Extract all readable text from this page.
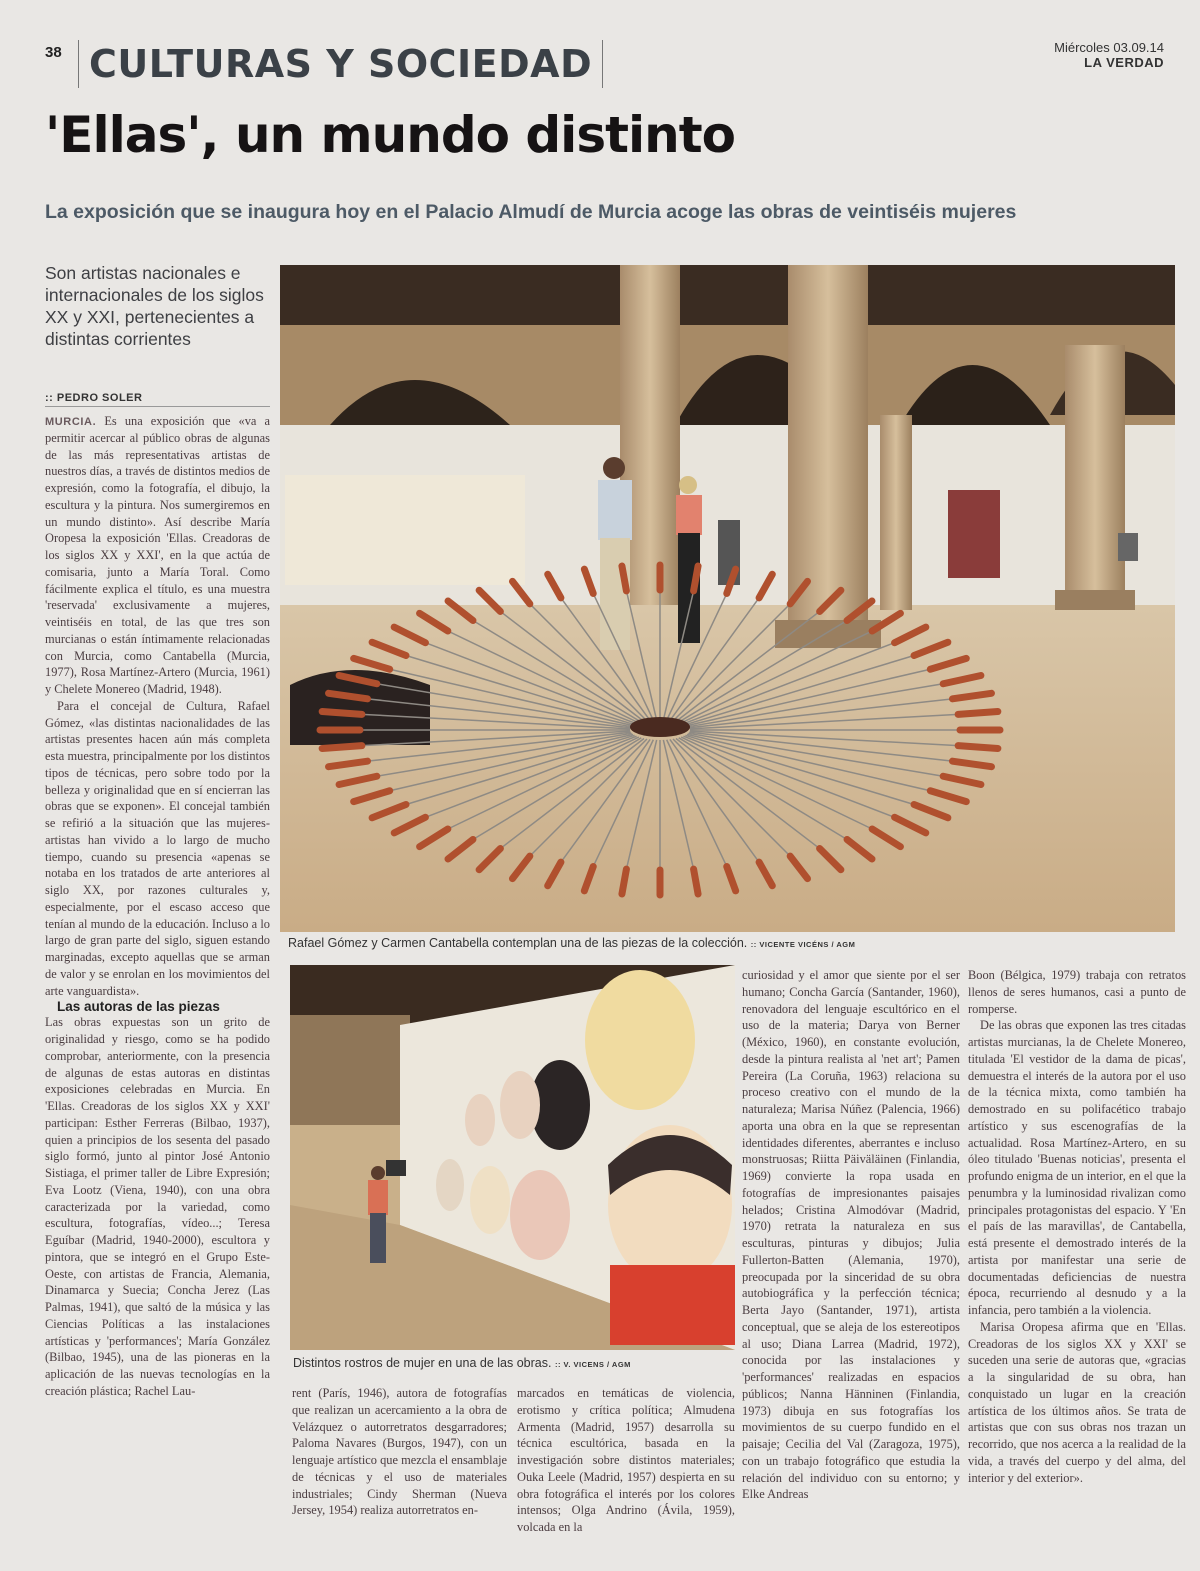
38 CULTURAS Y SOCIEDAD	Miércoles 03.09.14
LA VERDAD
'Ellas', un mundo distinto
La exposición que se inaugura hoy en el Palacio Almudí de Murcia acoge las obras de veintiséis mujeres
Son artistas nacionales e internacionales de los siglos XX y XXI, pertenecientes a distintas corrientes
:: PEDRO SOLER

MURCIA. Es una exposición que «va a permitir acercar al público obras de algunas de las más representativas artistas de nuestros días, a través de distintos medios de expresión, como la fotografía, el dibujo, la escultura y la pintura. Nos sumergiremos en un mundo distinto». Así describe María Oropesa la exposición 'Ellas. Creadoras de los siglos XX y XXI', en la que actúa de comisaria, junto a María Toral. Como fácilmente explica el título, es una muestra 'reservada' exclusivamente a mujeres, veintiséis en total, de las que tres son murcianas o están íntimamente relacionadas con Murcia, como Cantabella (Murcia, 1977), Rosa Martínez-Artero (Murcia, 1961) y Chelete Monereo (Madrid, 1948).

Para el concejal de Cultura, Rafael Gómez, «las distintas nacionalidades de las artistas presentes hacen aún más completa esta muestra, principalmente por los distintos tipos de técnicas, pero sobre todo por la belleza y originalidad que en sí encierran las obras que se exponen». El concejal también se refirió a la situación que las mujeres-artistas han vivido a lo largo de mucho tiempo, cuando su presencia «apenas se notaba en los tratados de arte anteriores al siglo XX, por razones culturales y, especialmente, por el escaso acceso que tenían al mundo de la educación. Incluso a lo largo de gran parte del siglo, siguen estando marginadas, excepto aquellas que se arman de valor y se enrolan en los movimientos del arte vanguardista».

Las autoras de las piezas

Las obras expuestas son un grito de originalidad y riesgo, como se ha podido comprobar, anteriormente, con la presencia de algunas de estas autoras en distintas exposiciones celebradas en Murcia. En 'Ellas. Creadoras de los siglos XX y XXI' participan: Esther Ferreras (Bilbao, 1937), quien a principios de los sesenta del pasado siglo formó, junto al pintor José Antonio Sistiaga, el primer taller de Libre Expresión; Eva Lootz (Viena, 1940), con una obra caracterizada por la variedad, como escultura, fotografías, vídeo...; Teresa Eguíbar (Madrid, 1940-2000), escultora y pintora, que se integró en el Grupo Este-Oeste, con artistas de Francia, Alemania, Dinamarca y Suecia; Concha Jerez (Las Palmas, 1941), que saltó de la música y las Ciencias Políticas a las instalaciones artísticas y 'performances'; María González (Bilbao, 1945), una de las pioneras en la aplicación de las nuevas tecnologías en la creación plástica; Rachel Lau-

Rafael Gómez y Carmen Cantabella contemplan una de las piezas de la colección. :: VICENTE VICÉNS / AGM
Distintos rostros de mujer en una de las obras. :: V. VICENS / AGM

rent (París, 1946), autora de fotografías que realizan un acercamiento a la obra de Velázquez o autorretratos desgarradores; Paloma Navares (Burgos, 1947), con un lenguaje artístico que mezcla el ensamblaje de técnicas y el uso de materiales industriales; Cindy Sherman (Nueva Jersey, 1954) realiza autorretratos en-

marcados en temáticas de violencia, erotismo y crítica política; Almudena Armenta (Madrid, 1957) desarrolla su técnica escultórica, basada en la investigación sobre distintos materiales; Ouka Leele (Madrid, 1957) despierta en su obra fotográfica el interés por los colores intensos; Olga Andrino (Ávila, 1959), volcada en la

curiosidad y el amor que siente por el ser humano; Concha García (Santander, 1960), renovadora del lenguaje escultórico en el uso de la materia; Darya von Berner (México, 1960), en constante evolución, desde la pintura realista al 'net art'; Pamen Pereira (La Coruña, 1963) relaciona su proceso creativo con el mundo de la naturaleza; Marisa Núñez (Palencia, 1966) aporta una obra en la que se representan identidades diferentes, aberrantes e incluso monstruosas; Riitta Päiväläinen (Finlandia, 1969) convierte la ropa usada en fotografías de impresionantes paisajes helados; Cristina Almodóvar (Madrid, 1970) retrata la naturaleza en sus esculturas, pinturas y dibujos; Julia Fullerton-Batten (Alemania, 1970), preocupada por la sinceridad de su obra autobiográfica y la perfección técnica; Berta Jayo (Santander, 1971), artista conceptual, que se aleja de los estereotipos al uso; Diana Larrea (Madrid, 1972), conocida por las instalaciones y 'performances' realizadas en espacios públicos; Nanna Hänninen (Finlandia, 1973) dibuja en sus fotografías los movimientos de su cuerpo fundido en el paisaje; Cecilia del Val (Zaragoza, 1975), con un trabajo fotográfico que estudia la relación del individuo con su entorno; y Elke Andreas

Boon (Bélgica, 1979) trabaja con retratos llenos de seres humanos, casi a punto de romperse.

De las obras que exponen las tres citadas artistas murcianas, la de Chelete Monereo, titulada 'El vestidor de la dama de picas', demuestra el interés de la autora por el uso de la técnica mixta, como también ha demostrado en su polifacético trabajo artístico y sus escenografías de la actualidad. Rosa Martínez-Artero, en su óleo titulado 'Buenas noticias', presenta el profundo enigma de un interior, en el que la penumbra y la luminosidad rivalizan como principales protagonistas del espacio. Y 'En el país de las maravillas', de Cantabella, está presente el demostrado interés de la artista por manifestar una serie de documentadas deficiencias de nuestra época, recurriendo al desnudo y a la infancia, pero también a la violencia.

Marisa Oropesa afirma que en 'Ellas. Creadoras de los siglos XX y XXI' se suceden una serie de autoras que, «gracias a la singularidad de su obra, han conquistado un lugar en la creación artística de los últimos años. Se trata de artistas que con sus obras nos trazan un recorrido, que nos acerca a la realidad de la vida, a través del cuerpo y del alma, del interior y del exterior».
